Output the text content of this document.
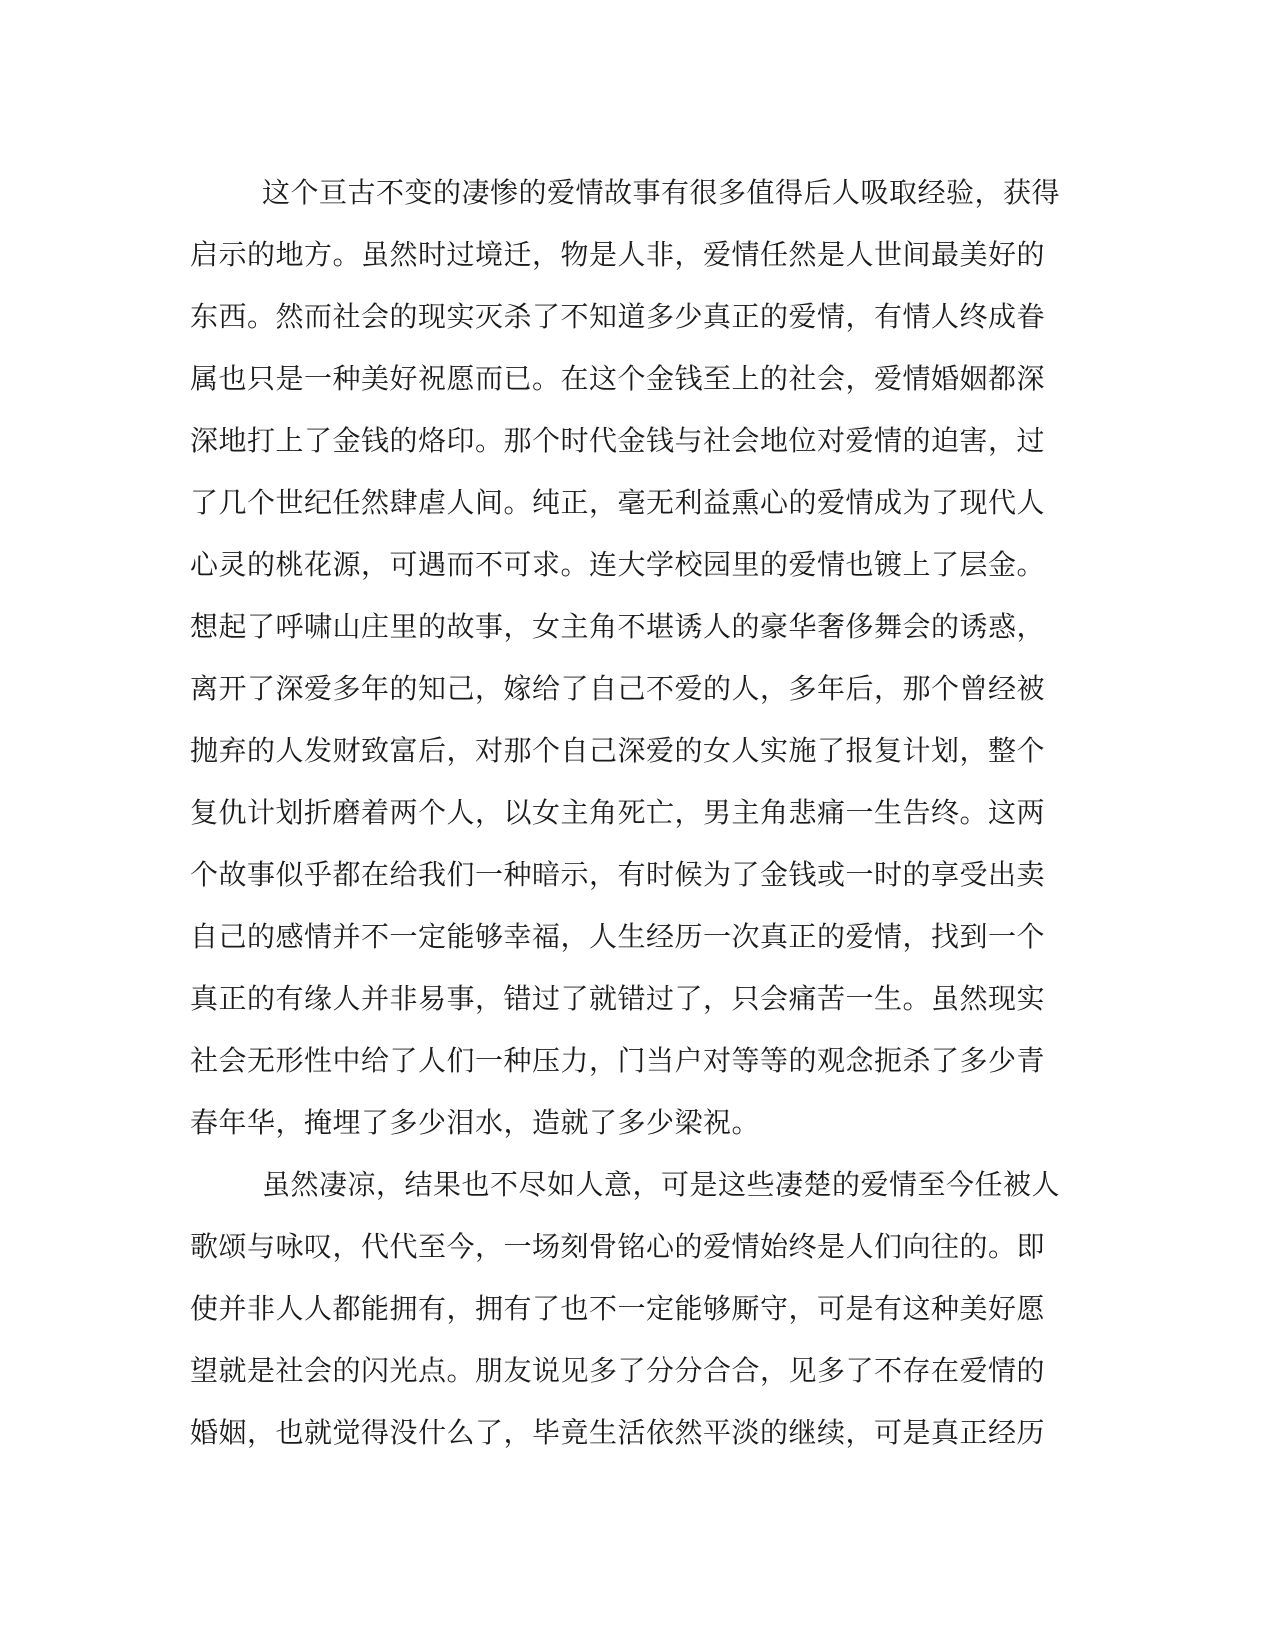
这个亘古不变的凄惨的爱情故事有很多值得后人吸取经验，获得
启示的地方。虽然时过境迁，物是人非，爱情任然是人世间最美好的
东西。然而社会的现实灭杀了不知道多少真正的爱情，有情人终成眷
属也只是一种美好祝愿而已。在这个金钱至上的社会，爱情婚姻都深
深地打上了金钱的烙印。那个时代金钱与社会地位对爱情的迫害，过
了几个世纪任然肆虐人间。纯正，毫无利益熏心的爱情成为了现代人
心灵的桃花源，可遇而不可求。连大学校园里的爱情也镀上了层金。
想起了呼啸山庄里的故事，女主角不堪诱人的豪华奢侈舞会的诱惑，
离开了深爱多年的知己，嫁给了自己不爱的人，多年后，那个曾经被
抛弃的人发财致富后，对那个自己深爱的女人实施了报复计划，整个
复仇计划折磨着两个人，以女主角死亡，男主角悲痛一生告终。这两
个故事似乎都在给我们一种暗示，有时候为了金钱或一时的享受出卖
自己的感情并不一定能够幸福，人生经历一次真正的爱情，找到一个
真正的有缘人并非易事，错过了就错过了，只会痛苦一生。虽然现实
社会无形性中给了人们一种压力，门当户对等等的观念扼杀了多少青
春年华，掩埋了多少泪水，造就了多少梁祝。
虽然凄凉，结果也不尽如人意，可是这些凄楚的爱情至今任被人
歌颂与咏叹，代代至今，一场刻骨铭心的爱情始终是人们向往的。即
使并非人人都能拥有，拥有了也不一定能够厮守，可是有这种美好愿
望就是社会的闪光点。朋友说见多了分分合合，见多了不存在爱情的
婚姻，也就觉得没什么了，毕竟生活依然平淡的继续，可是真正经历
